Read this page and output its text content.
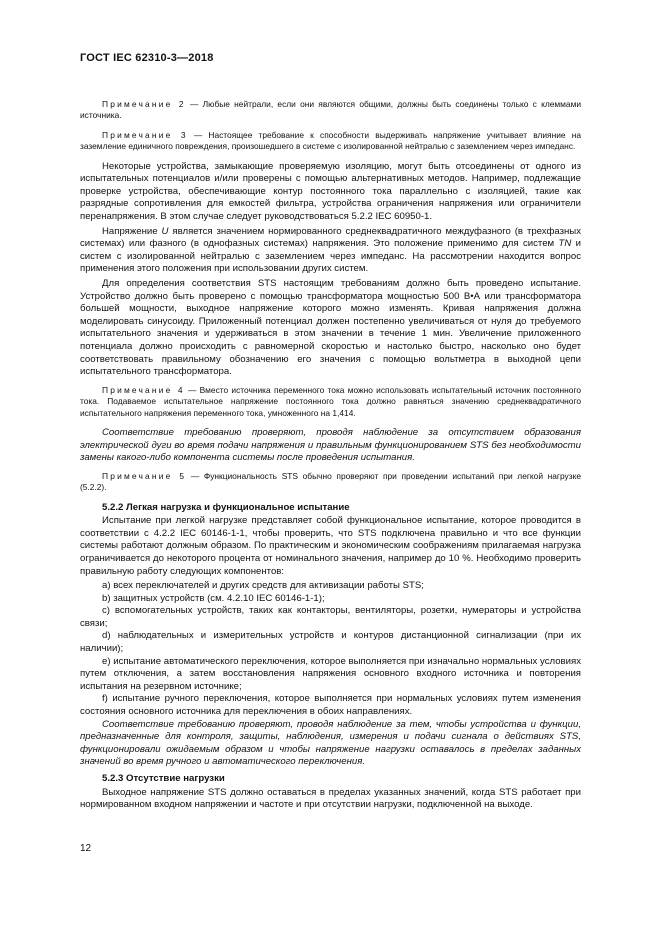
ГОСТ IEC 62310-3—2018

Примечание 2 — Любые нейтрали, если они являются общими, должны быть соединены только с клеммами источника.

Примечание 3 — Настоящее требование к способности выдерживать напряжение учитывает влияние на заземление единичного повреждения, произошедшего в системе с изолированной нейтралью с заземлением через импеданс.

Некоторые устройства, замыкающие проверяемую изоляцию, могут быть отсоединены от одного из испытательных потенциалов и/или проверены с помощью альтернативных методов. Например, подлежащие проверке устройства, обеспечивающие контур постоянного тока параллельно с изоляцией, такие как разрядные сопротивления для емкостей фильтра, устройства ограничения напряжения или ограничители перенапряжения. В этом случае следует руководствоваться 5.2.2 IEC 60950-1.

Напряжение U является значением нормированного среднеквадратичного междуфазного (в трехфазных системах) или фазного (в однофазных системах) напряжения. Это положение применимо для систем TN и систем с изолированной нейтралью с заземлением через импеданс. На рассмотрении находится вопрос применения этого положения при использовании других систем.

Для определения соответствия STS настоящим требованиям должно быть проведено испытание. Устройство должно быть проверено с помощью трансформатора мощностью 500 В•А или трансформатора большей мощности, выходное напряжение которого можно изменять. Кривая напряжения должна моделировать синусоиду. Приложенный потенциал должен постепенно увеличиваться от нуля до требуемого испытательного значения и удерживаться в этом значении в течение 1 мин. Увеличение приложенного потенциала должно происходить с равномерной скоростью и настолько быстро, насколько оно будет соответствовать правильному обозначению его значения с помощью вольтметра в выходной цепи испытательного трансформатора.

Примечание 4 — Вместо источника переменного тока можно использовать испытательный источник постоянного тока. Подаваемое испытательное напряжение постоянного тока должно равняться значению среднеквадратичного испытательного напряжения переменного тока, умноженного на 1,414.

Соответствие требованию проверяют, проводя наблюдение за отсутствием образования электрической дуги во время подачи напряжения и правильным функционированием STS без необходимости замены какого-либо компонента системы после проведения испытания.

Примечание 5 — Функциональность STS обычно проверяют при проведении испытаний при легкой нагрузке (5.2.2).

5.2.2 Легкая нагрузка и функциональное испытание

Испытание при легкой нагрузке представляет собой функциональное испытание, которое проводится в соответствии с 4.2.2 IEC 60146-1-1, чтобы проверить, что STS подключена правильно и что все функции системы работают должным образом. По практическим и экономическим соображениям прилагаемая нагрузка ограничивается до некоторого процента от номинального значения, например до 10 %. Необходимо проверить правильную работу следующих компонентов:

а) всех переключателей и других средств для активизации работы STS;

b) защитных устройств (см. 4.2.10 IEC 60146-1-1);

c) вспомогательных устройств, таких как контакторы, вентиляторы, розетки, нумераторы и устройства связи;

d) наблюдательных и измерительных устройств и контуров дистанционной сигнализации (при их наличии);

е) испытание автоматического переключения, которое выполняется при изначально нормальных условиях путем отключения, а затем восстановления напряжения основного входного источника и повторения испытания на резервном источнике;

f) испытание ручного переключения, которое выполняется при нормальных условиях путем изменения состояния основного источника для переключения в обоих направлениях.

Соответствие требованию проверяют, проводя наблюдение за тем, чтобы устройства и функции, предназначенные для контроля, защиты, наблюдения, измерения и подачи сигнала о действиях STS, функционировали ожидаемым образом и чтобы напряжение нагрузки оставалось в пределах заданных значений во время ручного и автоматического переключения.

5.2.3 Отсутствие нагрузки

Выходное напряжение STS должно оставаться в пределах указанных значений, когда STS работает при нормированном входном напряжении и частоте и при отсутствии нагрузки, подключенной на выходе.

12
